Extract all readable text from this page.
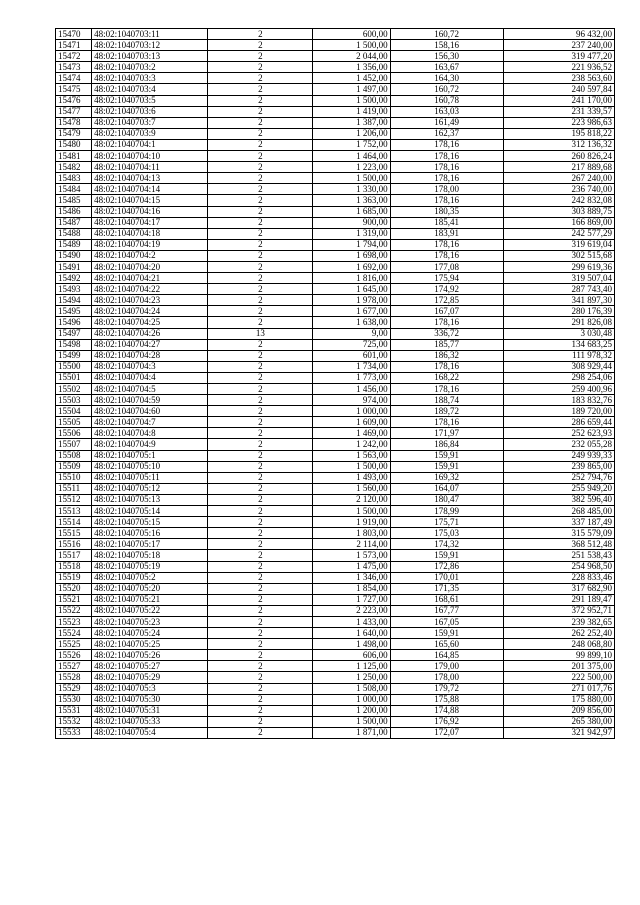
15470	48:02:1040703:11	2	600,00	160,72	96 432,00
15471	48:02:1040703:12	2	1 500,00	158,16	237 240,00
15472	48:02:1040703:13	2	2 044,00	156,30	319 477,20
15473	48:02:1040703:2	2	1 356,00	163,67	221 936,52
15474	48:02:1040703:3	2	1 452,00	164,30	238 563,60
15475	48:02:1040703:4	2	1 497,00	160,72	240 597,84
15476	48:02:1040703:5	2	1 500,00	160,78	241 170,00
15477	48:02:1040703:6	2	1 419,00	163,03	231 339,57
15478	48:02:1040703:7	2	1 387,00	161,49	223 986,63
15479	48:02:1040703:9	2	1 206,00	162,37	195 818,22
15480	48:02:1040704:1	2	1 752,00	178,16	312 136,32
15481	48:02:1040704:10	2	1 464,00	178,16	260 826,24
15482	48:02:1040704:11	2	1 223,00	178,16	217 889,68
15483	48:02:1040704:13	2	1 500,00	178,16	267 240,00
15484	48:02:1040704:14	2	1 330,00	178,00	236 740,00
15485	48:02:1040704:15	2	1 363,00	178,16	242 832,08
15486	48:02:1040704:16	2	1 685,00	180,35	303 889,75
15487	48:02:1040704:17	2	900,00	185,41	166 869,00
15488	48:02:1040704:18	2	1 319,00	183,91	242 577,29
15489	48:02:1040704:19	2	1 794,00	178,16	319 619,04
15490	48:02:1040704:2	2	1 698,00	178,16	302 515,68
15491	48:02:1040704:20	2	1 692,00	177,08	299 619,36
15492	48:02:1040704:21	2	1 816,00	175,94	319 507,04
15493	48:02:1040704:22	2	1 645,00	174,92	287 743,40
15494	48:02:1040704:23	2	1 978,00	172,85	341 897,30
15495	48:02:1040704:24	2	1 677,00	167,07	280 176,39
15496	48:02:1040704:25	2	1 638,00	178,16	291 826,08
15497	48:02:1040704:26	13	9,00	336,72	3 030,48
15498	48:02:1040704:27	2	725,00	185,77	134 683,25
15499	48:02:1040704:28	2	601,00	186,32	111 978,32
15500	48:02:1040704:3	2	1 734,00	178,16	308 929,44
15501	48:02:1040704:4	2	1 773,00	168,22	298 254,06
15502	48:02:1040704:5	2	1 456,00	178,16	259 400,96
15503	48:02:1040704:59	2	974,00	188,74	183 832,76
15504	48:02:1040704:60	2	1 000,00	189,72	189 720,00
15505	48:02:1040704:7	2	1 609,00	178,16	286 659,44
15506	48:02:1040704:8	2	1 469,00	171,97	252 623,93
15507	48:02:1040704:9	2	1 242,00	186,84	232 055,28
15508	48:02:1040705:1	2	1 563,00	159,91	249 939,33
15509	48:02:1040705:10	2	1 500,00	159,91	239 865,00
15510	48:02:1040705:11	2	1 493,00	169,32	252 794,76
15511	48:02:1040705:12	2	1 560,00	164,07	255 949,20
15512	48:02:1040705:13	2	2 120,00	180,47	382 596,40
15513	48:02:1040705:14	2	1 500,00	178,99	268 485,00
15514	48:02:1040705:15	2	1 919,00	175,71	337 187,49
15515	48:02:1040705:16	2	1 803,00	175,03	315 579,09
15516	48:02:1040705:17	2	2 114,00	174,32	368 512,48
15517	48:02:1040705:18	2	1 573,00	159,91	251 538,43
15518	48:02:1040705:19	2	1 475,00	172,86	254 968,50
15519	48:02:1040705:2	2	1 346,00	170,01	228 833,46
15520	48:02:1040705:20	2	1 854,00	171,35	317 682,90
15521	48:02:1040705:21	2	1 727,00	168,61	291 189,47
15522	48:02:1040705:22	2	2 223,00	167,77	372 952,71
15523	48:02:1040705:23	2	1 433,00	167,05	239 382,65
15524	48:02:1040705:24	2	1 640,00	159,91	262 252,40
15525	48:02:1040705:25	2	1 498,00	165,60	248 068,80
15526	48:02:1040705:26	2	606,00	164,85	99 899,10
15527	48:02:1040705:27	2	1 125,00	179,00	201 375,00
15528	48:02:1040705:29	2	1 250,00	178,00	222 500,00
15529	48:02:1040705:3	2	1 508,00	179,72	271 017,76
15530	48:02:1040705:30	2	1 000,00	175,88	175 880,00
15531	48:02:1040705:31	2	1 200,00	174,88	209 856,00
15532	48:02:1040705:33	2	1 500,00	176,92	265 380,00
15533	48:02:1040705:4	2	1 871,00	172,07	321 942,97
